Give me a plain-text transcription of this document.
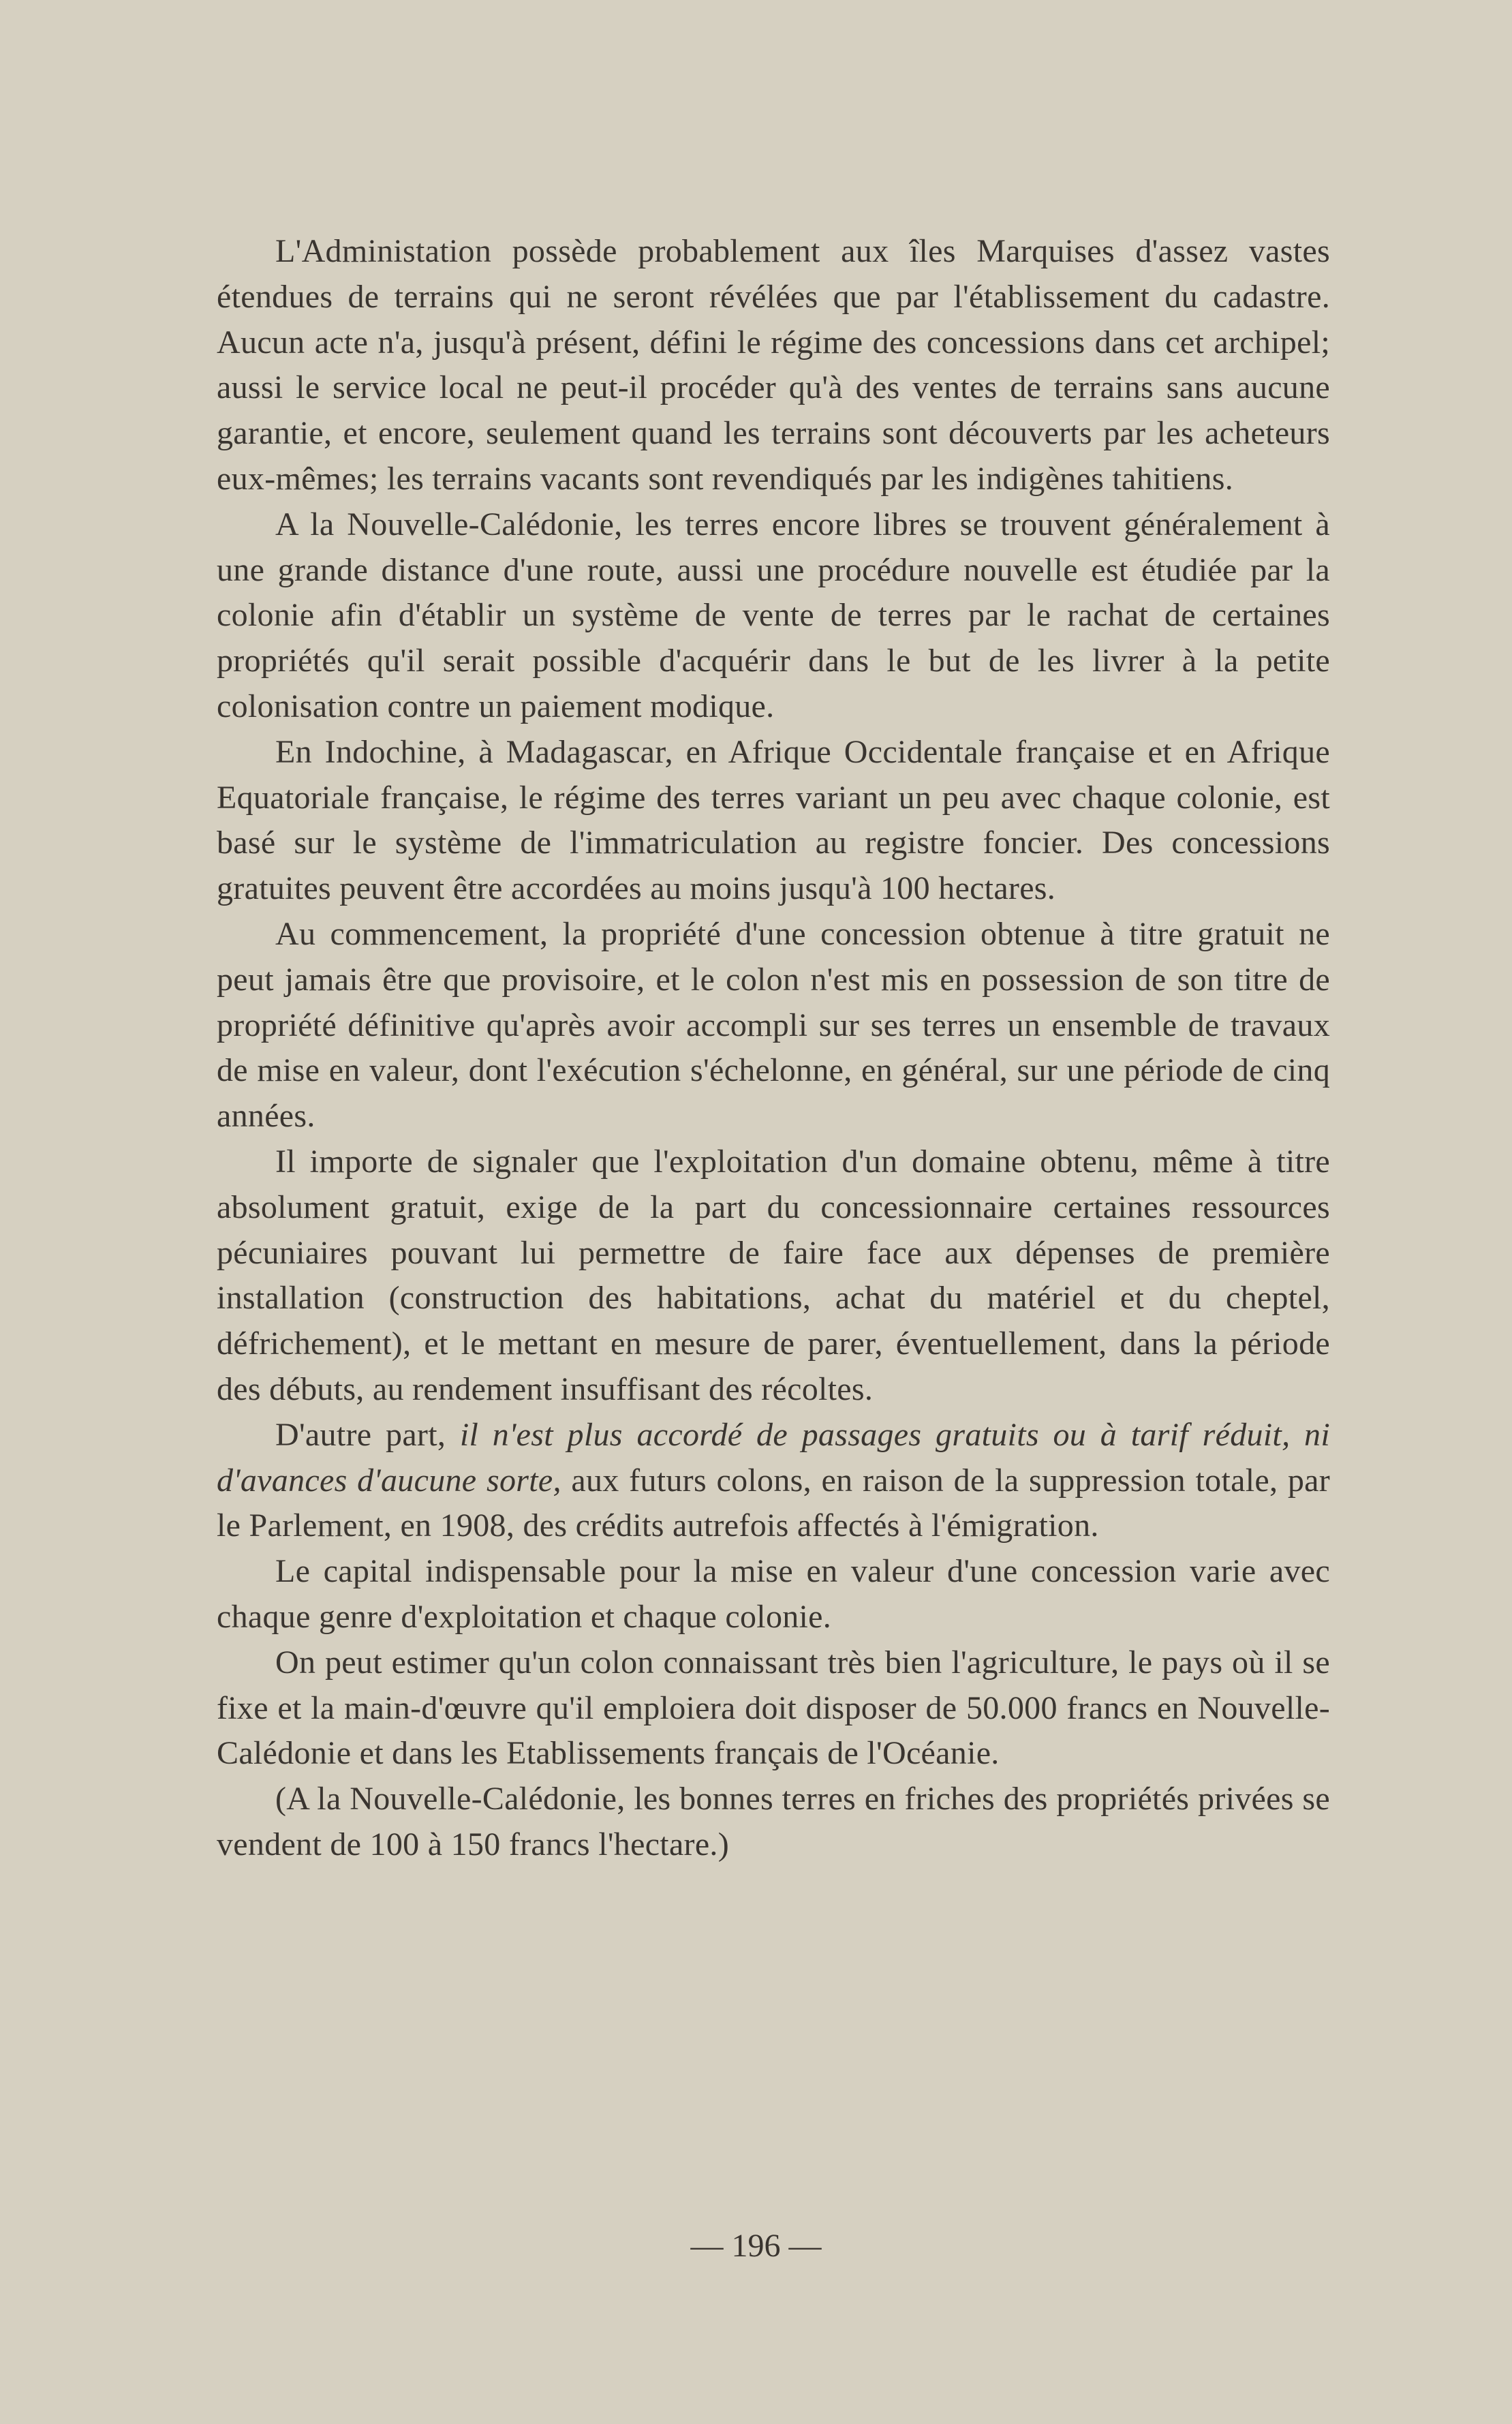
L'Administation possède probablement aux îles Marquises d'assez vastes étendues de terrains qui ne seront révélées que par l'établissement du cadastre. Aucun acte n'a, jusqu'à présent, défini le régime des concessions dans cet archipel; aussi le service local ne peut-il procéder qu'à des ventes de terrains sans aucune garantie, et encore, seulement quand les terrains sont découverts par les acheteurs eux-mêmes; les terrains vacants sont revendiqués par les indigènes tahitiens.

A la Nouvelle-Calédonie, les terres encore libres se trouvent généralement à une grande distance d'une route, aussi une procédure nouvelle est étudiée par la colonie afin d'établir un système de vente de terres par le rachat de certaines propriétés qu'il serait possible d'acquérir dans le but de les livrer à la petite colonisation contre un paiement modique.

En Indochine, à Madagascar, en Afrique Occidentale française et en Afrique Equatoriale française, le régime des terres variant un peu avec chaque colonie, est basé sur le système de l'immatriculation au registre foncier. Des concessions gratuites peuvent être accordées au moins jusqu'à 100 hectares.

Au commencement, la propriété d'une concession obtenue à titre gratuit ne peut jamais être que provisoire, et le colon n'est mis en possession de son titre de propriété définitive qu'après avoir accompli sur ses terres un ensemble de travaux de mise en valeur, dont l'exécution s'échelonne, en général, sur une période de cinq années.

Il importe de signaler que l'exploitation d'un domaine obtenu, même à titre absolument gratuit, exige de la part du concessionnaire certaines ressources pécuniaires pouvant lui permettre de faire face aux dépenses de première installation (construction des habitations, achat du matériel et du cheptel, défrichement), et le mettant en mesure de parer, éventuellement, dans la période des débuts, au rendement insuffisant des récoltes.

D'autre part, il n'est plus accordé de passages gratuits ou à tarif réduit, ni d'avances d'aucune sorte, aux futurs colons, en raison de la suppression totale, par le Parlement, en 1908, des crédits autrefois affectés à l'émigration.

Le capital indispensable pour la mise en valeur d'une concession varie avec chaque genre d'exploitation et chaque colonie.

On peut estimer qu'un colon connaissant très bien l'agriculture, le pays où il se fixe et la main-d'œuvre qu'il emploiera doit disposer de 50.000 francs en Nouvelle-Calédonie et dans les Etablissements français de l'Océanie.

(A la Nouvelle-Calédonie, les bonnes terres en friches des propriétés privées se vendent de 100 à 150 francs l'hectare.)

— 196 —
